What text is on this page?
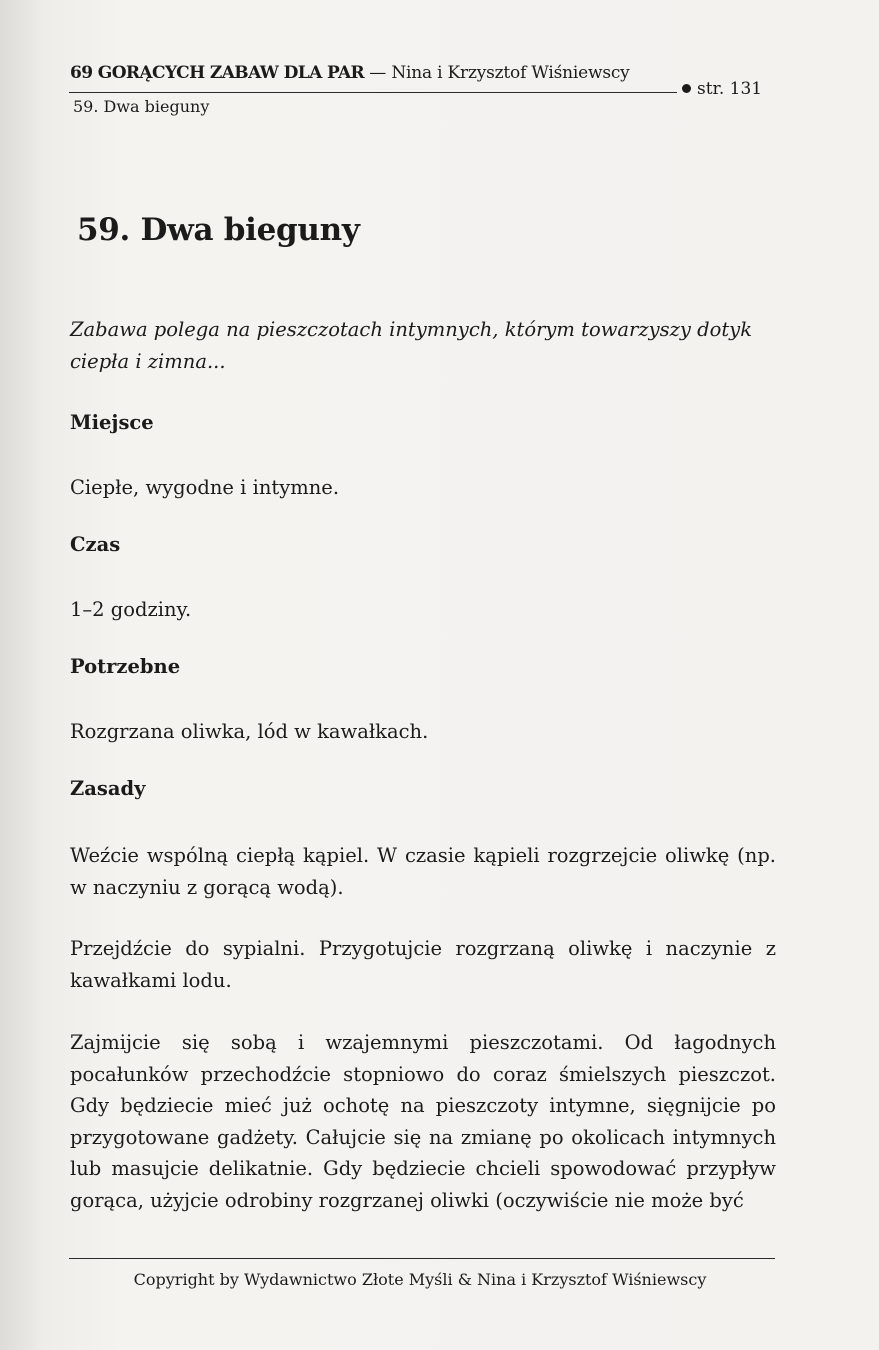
69 GORĄCYCH ZABAW DLA PAR — Nina i Krzysztof Wiśniewscy
str. 131
59. Dwa bieguny
59. Dwa bieguny

Zabawa polega na pieszczotach intymnych, którym towarzyszy dotyk ciepła i zimna...

Miejsce

Ciepłe, wygodne i intymne.

Czas

1–2 godziny.

Potrzebne

Rozgrzana oliwka, lód w kawałkach.

Zasady

Weźcie wspólną ciepłą kąpiel. W czasie kąpieli rozgrzejcie oliwkę (np. w naczyniu z gorącą wodą).

Przejdźcie do sypialni. Przygotujcie rozgrzaną oliwkę i naczynie z kawałkami lodu.

Zajmijcie się sobą i wzajemnymi pieszczotami. Od łagodnych pocałunków przechodźcie stopniowo do coraz śmielszych pieszczot. Gdy będziecie mieć już ochotę na pieszczoty intymne, sięgnijcie po przygotowane gadżety. Całujcie się na zmianę po okolicach intymnych lub masujcie delikatnie. Gdy będziecie chcieli spowodować przypływ gorąca, użyjcie odrobiny rozgrzanej oliwki (oczywiście nie może być

Copyright by Wydawnictwo Złote Myśli & Nina i Krzysztof Wiśniewscy
